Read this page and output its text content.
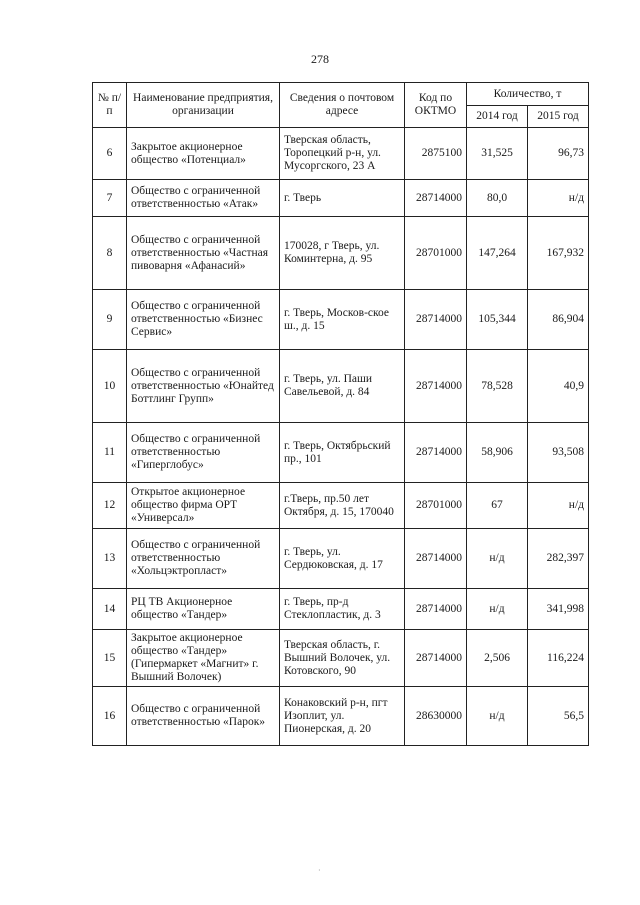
278
№ п/п	Наименование предприятия, организации	Сведения о почтовом адресе	Код по ОКТМО	Количество, т	
				2014 год	2015 год
6	Закрытое акционерное общество «Потенциал»	Тверская область, Торопецкий р-н, ул. Мусоргского, 23 А	2875100	31,525	96,73
7	Общество с ограниченной ответственностью «Атак»	г. Тверь	28714000	80,0	н/д
8	Общество с ограниченной ответственностью «Частная пивоварня «Афанасий»	170028, г Тверь, ул. Коминтерна, д. 95	28701000	147,264	167,932
9	Общество с ограниченной ответственностью «Бизнес Сервис»	г. Тверь, Москов-ское ш., д. 15	28714000	105,344	86,904
10	Общество с ограниченной ответственностью «Юнайтед Боттлинг Групп»	г. Тверь, ул. Паши Савельевой, д. 84	28714000	78,528	40,9
11	Общество с ограниченной ответственностью «Гиперглобус»	г. Тверь, Октябрьский пр., 101	28714000	58,906	93,508
12	Открытое акционерное общество фирма ОРТ «Универсал»	г.Тверь, пр.50 лет Октября, д. 15, 170040	28701000	67	н/д
13	Общество с ограниченной ответственностью «Хольцэктропласт»	г. Тверь, ул. Сердюковская, д. 17	28714000	н/д	282,397
14	РЦ ТВ Акционерное общество «Тандер»	г. Тверь, пр-д Стеклопластик, д. 3	28714000	н/д	341,998
15	Закрытое акционерное общество «Тандер» (Гипермаркет «Магнит» г. Вышний Волочек)	Тверская область, г. Вышний Волочек, ул. Котовского, 90	28714000	2,506	116,224
16	Общество с ограниченной ответственностью «Парок»	Конаковский р-н, пгт Изоплит, ул. Пионерская, д. 20	28630000	н/д	56,5
·
